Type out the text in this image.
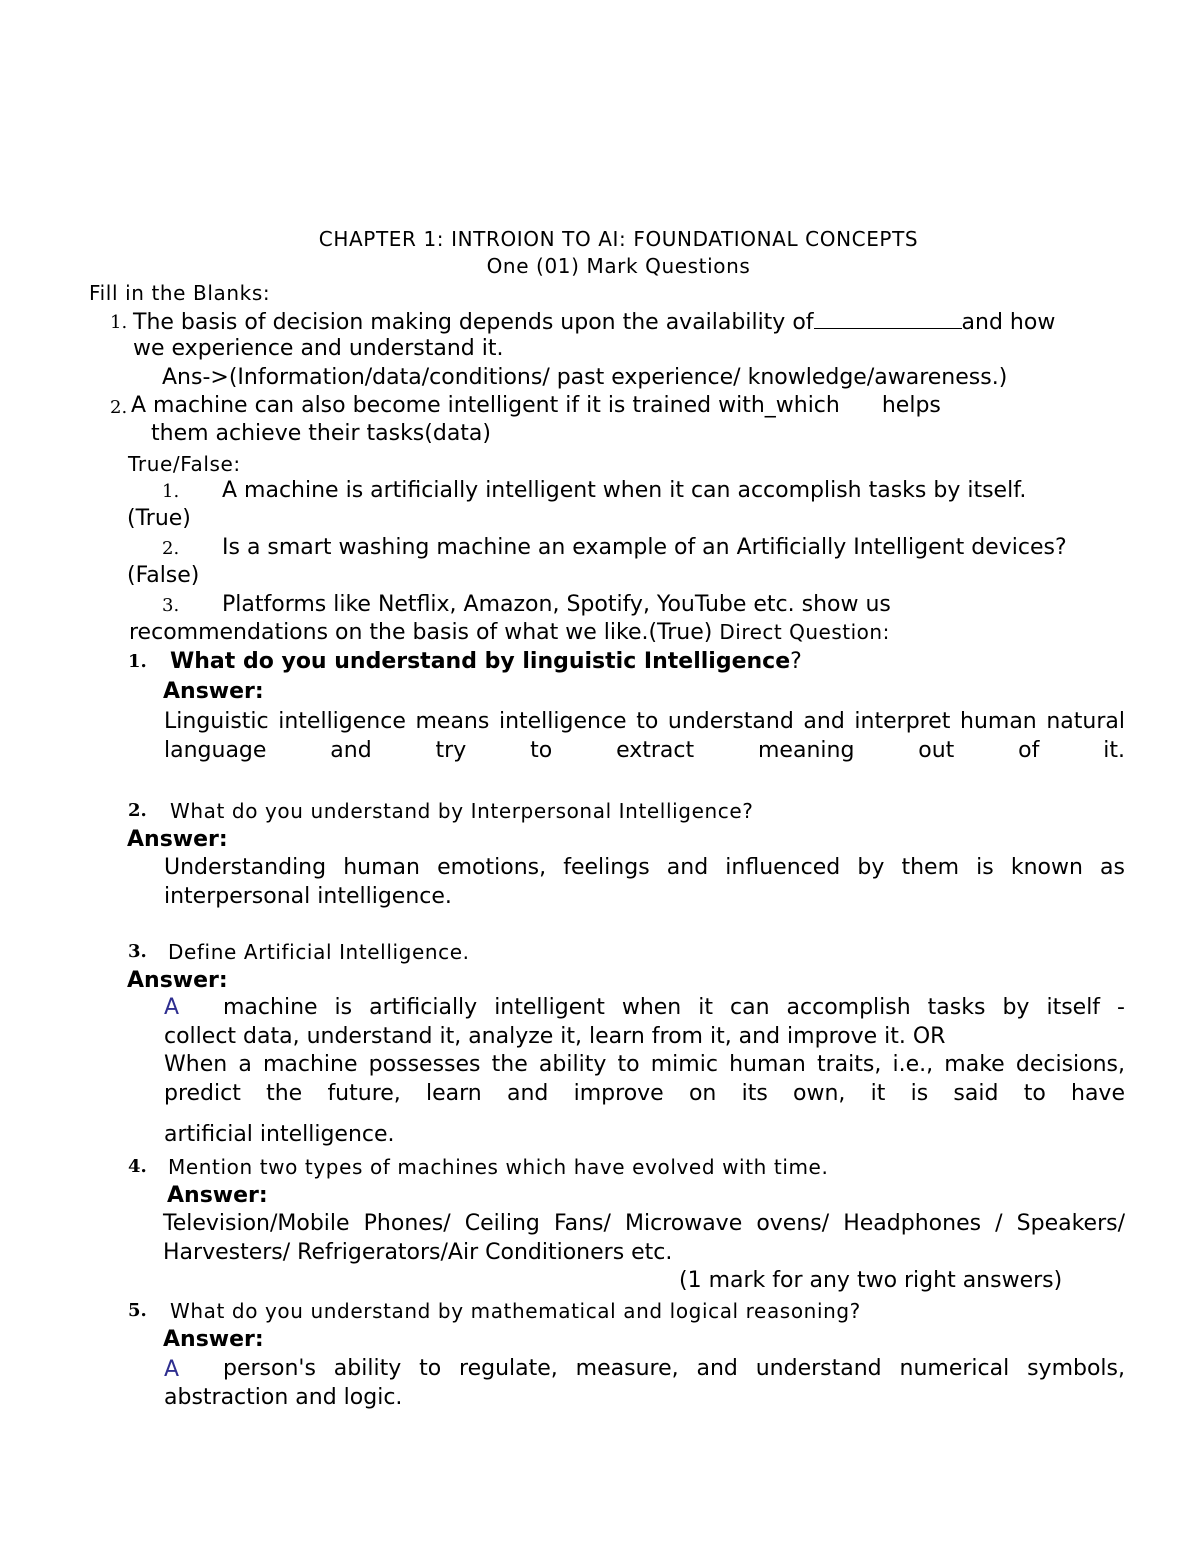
CHAPTER 1: INTROION TO AI: FOUNDATIONAL CONCEPTS
One (01) Mark Questions
Fill in the Blanks:
1. The basis of decision making depends upon the availability of	and how
we experience and understand it.
Ans->(Information/data/conditions/ past experience/ knowledge/awareness.)
2. A machine can also become intelligent if it is trained with_which helps
them achieve their tasks(data)
True/False:
1. A machine is artificially intelligent when it can accomplish tasks by itself.
(True)
2. Is a smart washing machine an example of an Artificially Intelligent devices?
(False)
3. Platforms like Netflix, Amazon, Spotify, YouTube etc. show us
recommendations on the basis of what we like.(True) Direct Question:
1. What do you understand by linguistic Intelligence?
Answer:
Linguistic intelligence means intelligence to understand and interpret human natural language and try to extract meaning out of it.
2. What do you understand by Interpersonal Intelligence?
Answer:
Understanding human emotions, feelings and influenced by them is known as interpersonal intelligence.
3. Define Artificial Intelligence.
Answer:
A machine is artificially intelligent when it can accomplish tasks by itself -
collect data, understand it, analyze it, learn from it, and improve it. OR
When a machine possesses the ability to mimic human traits, i.e., make decisions, predict the future, learn and improve on its own, it is said to have
artificial intelligence.
4. Mention two types of machines which have evolved with time.
Answer:
Television/Mobile Phones/ Ceiling Fans/ Microwave ovens/ Headphones / Speakers/ Harvesters/ Refrigerators/Air Conditioners etc.
(1 mark for any two right answers)
5. What do you understand by mathematical and logical reasoning?
Answer:
A	person's ability to regulate, measure, and understand numerical symbols, abstraction and logic.
